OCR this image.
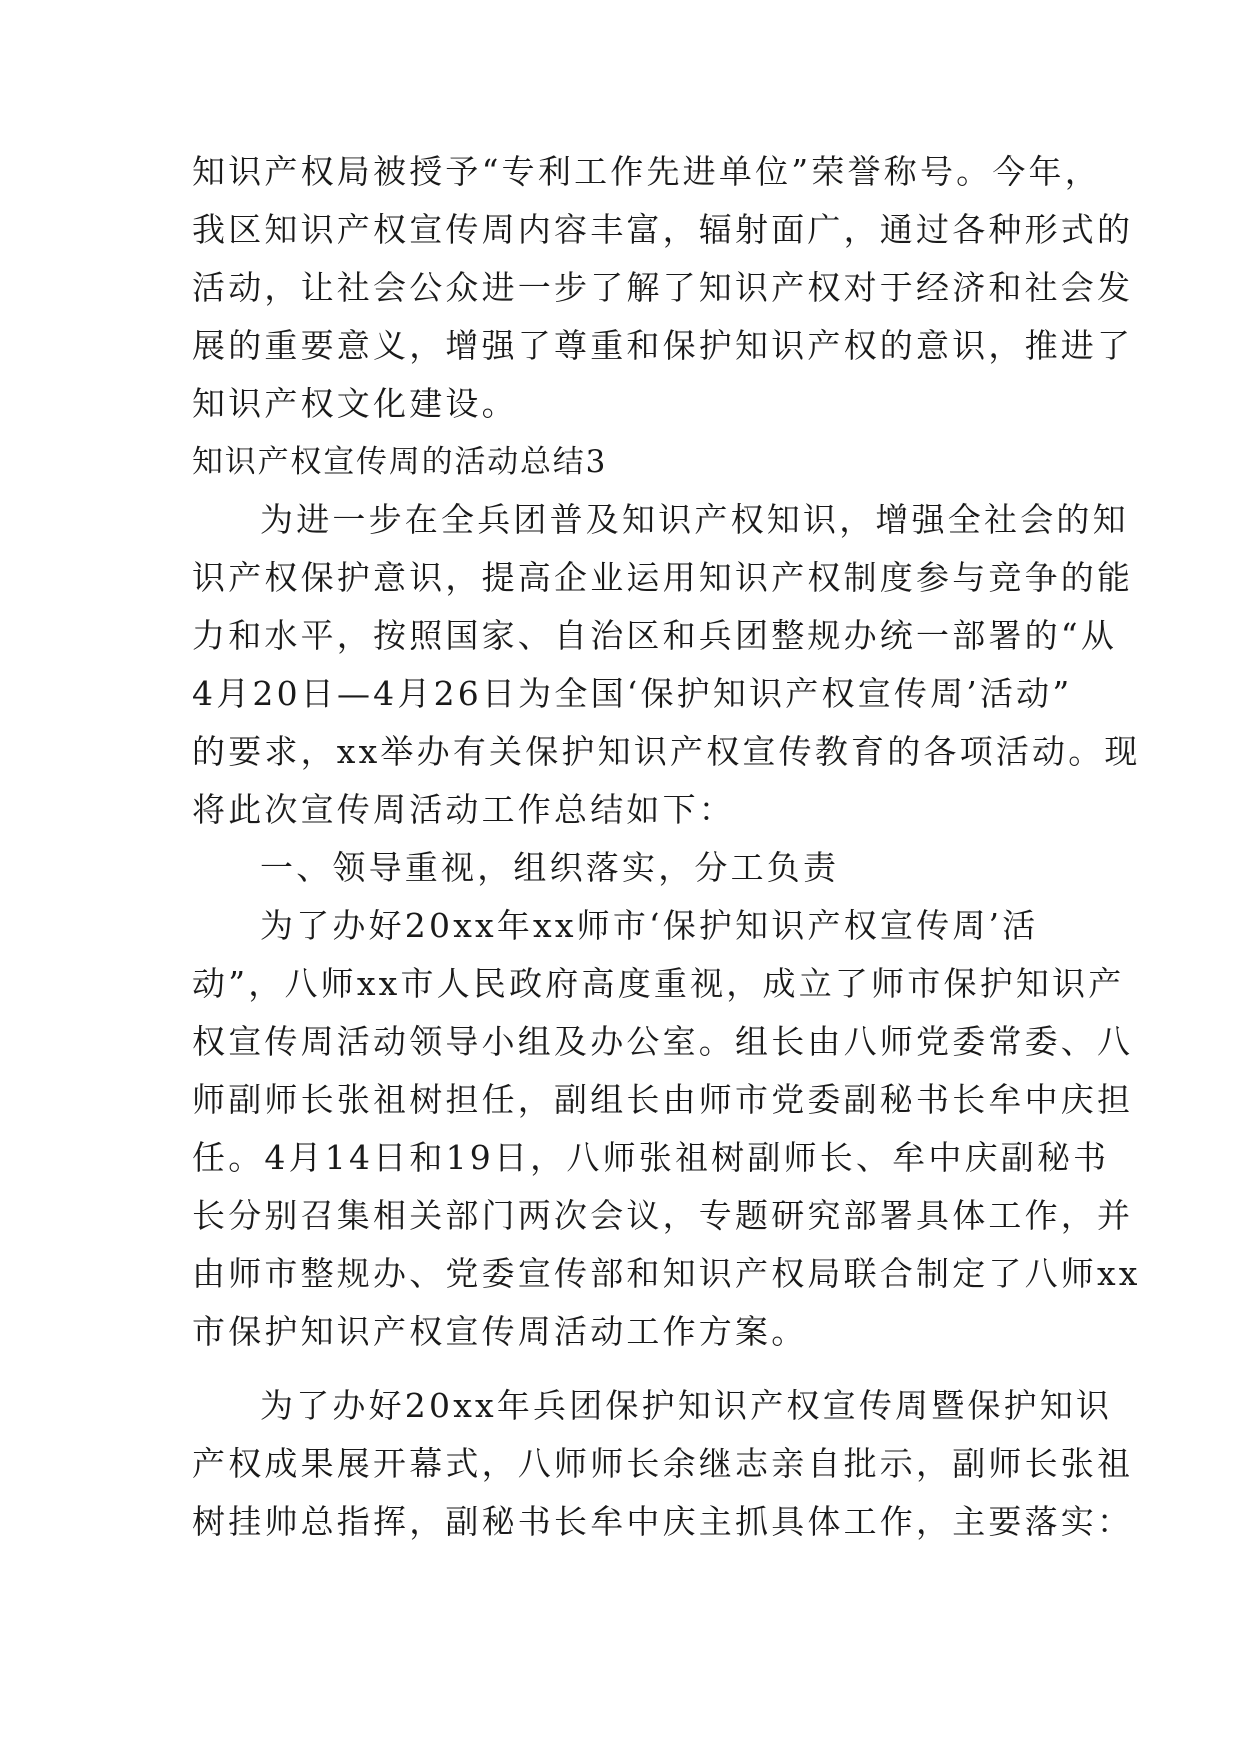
知识产权局被授予“专利工作先进单位”荣誉称号。今年，
我区知识产权宣传周内容丰富，辐射面广，通过各种形式的
活动，让社会公众进一步了解了知识产权对于经济和社会发
展的重要意义，增强了尊重和保护知识产权的意识，推进了
知识产权文化建设。
知识产权宣传周的活动总结3
为进一步在全兵团普及知识产权知识，增强全社会的知
识产权保护意识，提高企业运用知识产权制度参与竞争的能
力和水平，按照国家、自治区和兵团整规办统一部署的“从
4月20日—4月26日为全国‘保护知识产权宣传周’活动”
的要求，xx举办有关保护知识产权宣传教育的各项活动。现
将此次宣传周活动工作总结如下：
一、领导重视，组织落实，分工负责
为了办好20xx年xx师市‘保护知识产权宣传周’活
动”，八师xx市人民政府高度重视，成立了师市保护知识产
权宣传周活动领导小组及办公室。组长由八师党委常委、八
师副师长张祖树担任，副组长由师市党委副秘书长牟中庆担
任。4月14日和19日，八师张祖树副师长、牟中庆副秘书
长分别召集相关部门两次会议，专题研究部署具体工作，并
由师市整规办、党委宣传部和知识产权局联合制定了八师xx
市保护知识产权宣传周活动工作方案。
为了办好20xx年兵团保护知识产权宣传周暨保护知识
产权成果展开幕式，八师师长余继志亲自批示，副师长张祖
树挂帅总指挥，副秘书长牟中庆主抓具体工作，主要落实：
